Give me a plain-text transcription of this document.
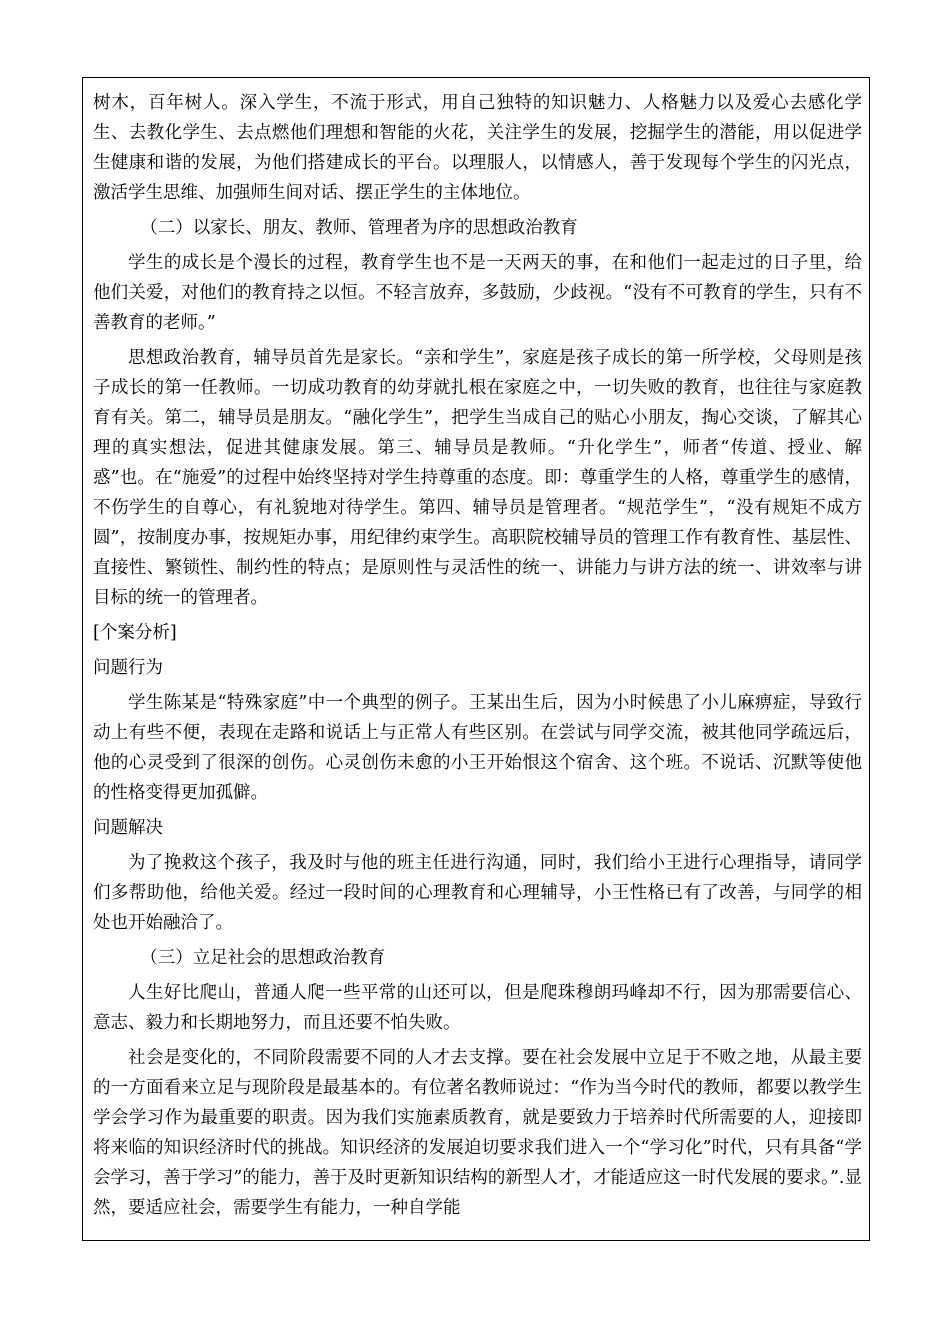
树木，百年树人。深入学生，不流于形式，用自己独特的知识魅力、人格魅力以及爱心去感化学生、去教化学生、去点燃他们理想和智能的火花，关注学生的发展，挖掘学生的潜能，用以促进学生健康和谐的发展，为他们搭建成长的平台。以理服人，以情感人，善于发现每个学生的闪光点，激活学生思维、加强师生间对话、摆正学生的主体地位。

（二）以家长、朋友、教师、管理者为序的思想政治教育

学生的成长是个漫长的过程，教育学生也不是一天两天的事，在和他们一起走过的日子里，给他们关爱，对他们的教育持之以恒。不轻言放弃，多鼓励，少歧视。“没有不可教育的学生，只有不善教育的老师。”

思想政治教育，辅导员首先是家长。“亲和学生”，家庭是孩子成长的第一所学校，父母则是孩子成长的第一任教师。一切成功教育的幼芽就扎根在家庭之中，一切失败的教育，也往往与家庭教育有关。第二，辅导员是朋友。“融化学生”，把学生当成自己的贴心小朋友，掏心交谈，了解其心理的真实想法，促进其健康发展。第三、辅导员是教师。“升化学生”，师者“传道、授业、解惑”也。在“施爱”的过程中始终坚持对学生持尊重的态度。即：尊重学生的人格，尊重学生的感情，不伤学生的自尊心，有礼貌地对待学生。第四、辅导员是管理者。“规范学生”，“没有规矩不成方圆”，按制度办事，按规矩办事，用纪律约束学生。高职院校辅导员的管理工作有教育性、基层性、直接性、繁锁性、制约性的特点；是原则性与灵活性的统一、讲能力与讲方法的统一、讲效率与讲目标的统一的管理者。

[个案分析]

问题行为

学生陈某是“特殊家庭”中一个典型的例子。王某出生后，因为小时候患了小儿麻痹症，导致行动上有些不便，表现在走路和说话上与正常人有些区别。在尝试与同学交流，被其他同学疏远后，他的心灵受到了很深的创伤。心灵创伤未愈的小王开始恨这个宿舍、这个班。不说话、沉默等使他的性格变得更加孤僻。

问题解决

为了挽救这个孩子，我及时与他的班主任进行沟通，同时，我们给小王进行心理指导，请同学们多帮助他，给他关爱。经过一段时间的心理教育和心理辅导，小王性格已有了改善，与同学的相处也开始融洽了。

（三）立足社会的思想政治教育

人生好比爬山，普通人爬一些平常的山还可以，但是爬珠穆朗玛峰却不行，因为那需要信心、意志、毅力和长期地努力，而且还要不怕失败。

社会是变化的，不同阶段需要不同的人才去支撑。要在社会发展中立足于不败之地，从最主要的一方面看来立足与现阶段是最基本的。有位著名教师说过：“作为当今时代的教师，都要以教学生学会学习作为最重要的职责。因为我们实施素质教育，就是要致力于培养时代所需要的人，迎接即将来临的知识经济时代的挑战。知识经济的发展迫切要求我们进入一个“学习化”时代，只有具备“学会学习，善于学习”的能力，善于及时更新知识结构的新型人才，才能适应这一时代发展的要求。”.显然，要适应社会，需要学生有能力，一种自学能
